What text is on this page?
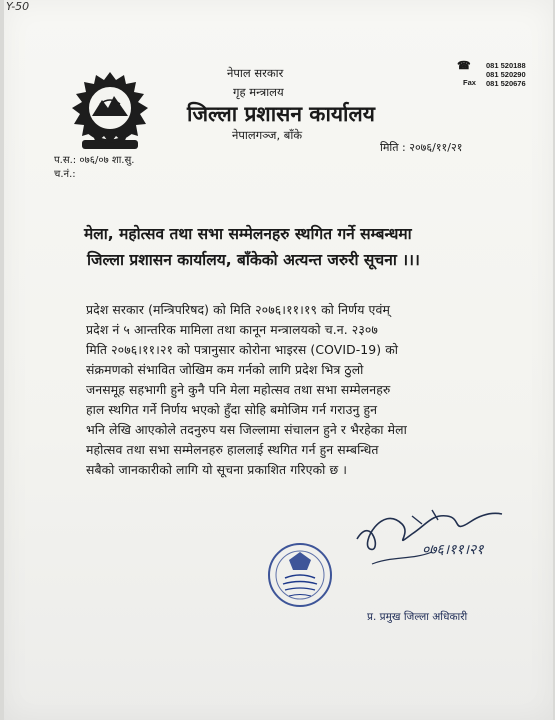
Y-50
नेपाल सरकार
गृह मन्त्रालय
जिल्ला प्रशासन कार्यालय
नेपालगञ्ज, बाँके
मिति : २०७६/११/२१
प.स.: ०७६/०७ शा.सु.
च.नं.:
☎ 081 520188
081 520290
Fax 081 520676
मेला, महोत्सव तथा सभा सम्मेलनहरु स्थगित गर्ने सम्बन्धमा
जिल्ला प्रशासन कार्यालय, बाँकेको अत्यन्त जरुरी सूचना ।।।
प्रदेश सरकार (मन्त्रिपरिषद) को मिति २०७६।११।१९ को निर्णय एवंम्
प्रदेश नं ५ आन्तरिक मामिला तथा कानून मन्त्रालयको च.न. २३०७
मिति २०७६।११।२१ को पत्रानुसार कोरोना भाइरस (COVID-19) को
संक्रमणको संभावित जोखिम कम गर्नको लागि प्रदेश भित्र ठुलो
जनसमूह सहभागी हुने कुनै पनि मेला महोत्सव तथा सभा सम्मेलनहरु
हाल स्थगित गर्ने निर्णय भएको हुँदा सोहि बमोजिम गर्न गराउनु हुन
भनि लेखि आएकोले तदनुरुप यस जिल्लामा संचालन हुने र भैरहेका मेला
महोत्सव तथा सभा सम्मेलनहरु हाललाई स्थगित गर्न हुन सम्बन्धित
सबैको जानकारीको लागि यो सूचना प्रकाशित गरिएको छ ।
०७६।११।२१
प्र. प्रमुख जिल्ला अधिकारी
